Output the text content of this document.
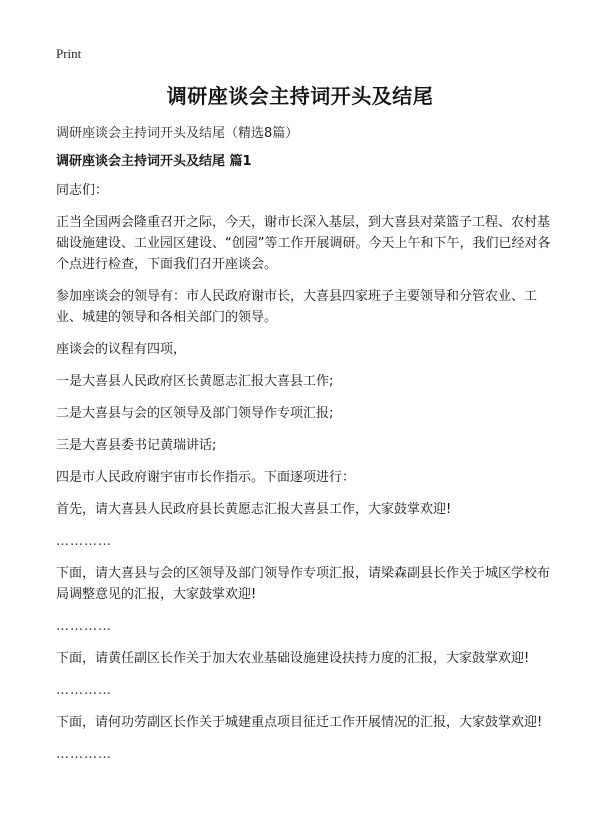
Print
调研座谈会主持词开头及结尾
调研座谈会主持词开头及结尾（精选8篇）
调研座谈会主持词开头及结尾 篇1

同志们：

正当全国两会隆重召开之际，今天，谢市长深入基层，到大喜县对菜篮子工程、农村基础设施建设、工业园区建设、“创园”等工作开展调研。今天上午和下午，我们已经对各个点进行检查，下面我们召开座谈会。

参加座谈会的领导有：市人民政府谢市长，大喜县四家班子主要领导和分管农业、工业、城建的领导和各相关部门的领导。

座谈会的议程有四项，

一是大喜县人民政府区长黄愿志汇报大喜县工作;

二是大喜县与会的区领导及部门领导作专项汇报;

三是大喜县委书记黄瑞讲话;

四是市人民政府谢宇宙市长作指示。下面逐项进行：

首先，请大喜县人民政府县长黄愿志汇报大喜县工作，大家鼓掌欢迎!

…………

下面，请大喜县与会的区领导及部门领导作专项汇报，请梁森副县长作关于城区学校布局调整意见的汇报，大家鼓掌欢迎!

…………

下面，请黄任副区长作关于加大农业基础设施建设扶持力度的汇报，大家鼓掌欢迎!

…………

下面，请何功劳副区长作关于城建重点项目征迁工作开展情况的汇报，大家鼓掌欢迎!

…………
